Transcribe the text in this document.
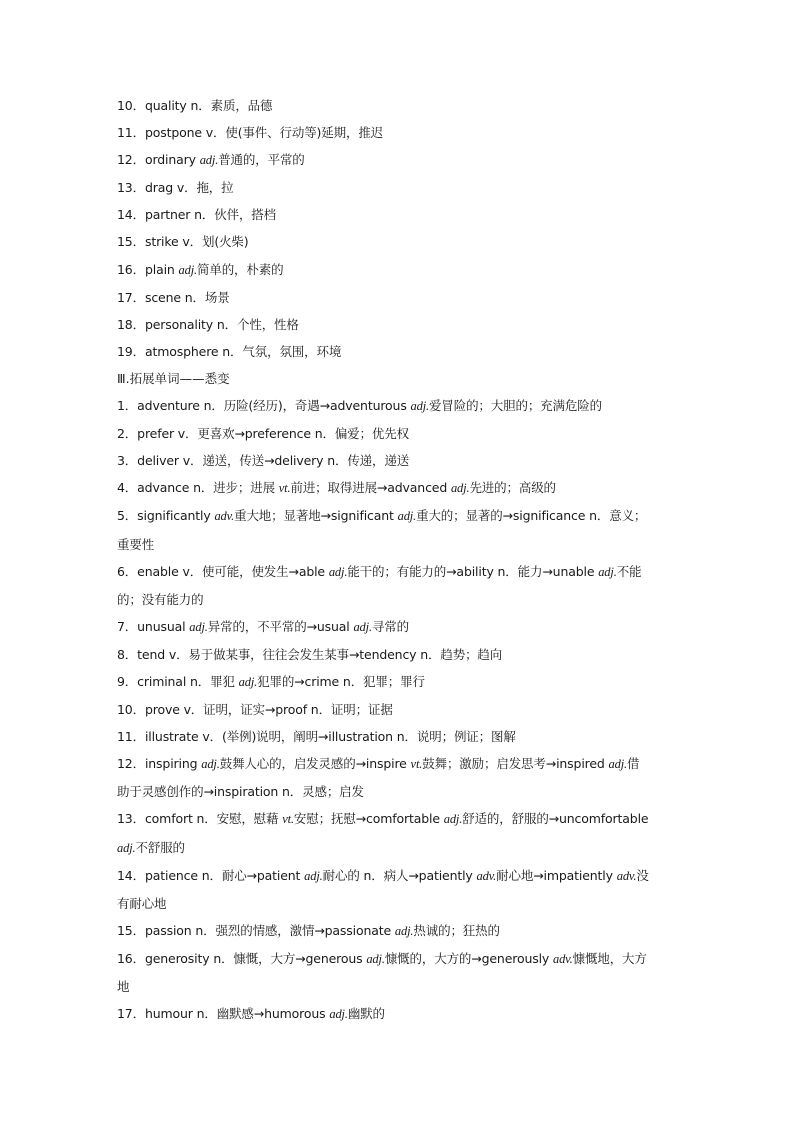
10．quality n．素质，品德
11．postpone v．使(事件、行动等)延期，推迟
12．ordinary adj.普通的，平常的
13．drag v．拖，拉
14．partner n．伙伴，搭档
15．strike v．划(火柴)
16．plain adj.简单的，朴素的
17．scene n．场景
18．personality n．个性，性格
19．atmosphere n．气氛，氛围，环境
Ⅲ.拓展单词——悉变
1．adventure n．历险(经历)，奇遇→adventurous adj.爱冒险的；大胆的；充满危险的
2．prefer v．更喜欢→preference n．偏爱；优先权
3．deliver v．递送，传送→delivery n．传递，递送
4．advance n．进步；进展 vt.前进；取得进展→advanced adj.先进的；高级的
5．significantly adv.重大地；显著地→significant adj.重大的；显著的→significance n．意义；
重要性
6．enable v．使可能，使发生→able adj.能干的；有能力的→ability n．能力→unable adj.不能
的；没有能力的
7．unusual adj.异常的，不平常的→usual adj.寻常的
8．tend v．易于做某事，往往会发生某事→tendency n．趋势；趋向
9．criminal n．罪犯 adj.犯罪的→crime n．犯罪；罪行
10．prove v．证明，证实→proof n．证明；证据
11．illustrate v．(举例)说明，阐明→illustration n．说明；例证；图解
12．inspiring adj.鼓舞人心的，启发灵感的→inspire vt.鼓舞；激励；启发思考→inspired adj.借
助于灵感创作的→inspiration n．灵感；启发
13．comfort n．安慰，慰藉 vt.安慰；抚慰→comfortable adj.舒适的，舒服的→uncomfortable
adj.不舒服的
14．patience n．耐心→patient adj.耐心的 n．病人→patiently adv.耐心地→impatiently adv.没
有耐心地
15．passion n．强烈的情感，激情→passionate adj.热诚的；狂热的
16．generosity n．慷慨，大方→generous adj.慷慨的，大方的→generously adv.慷慨地，大方
地
17．humour n．幽默感→humorous adj.幽默的
